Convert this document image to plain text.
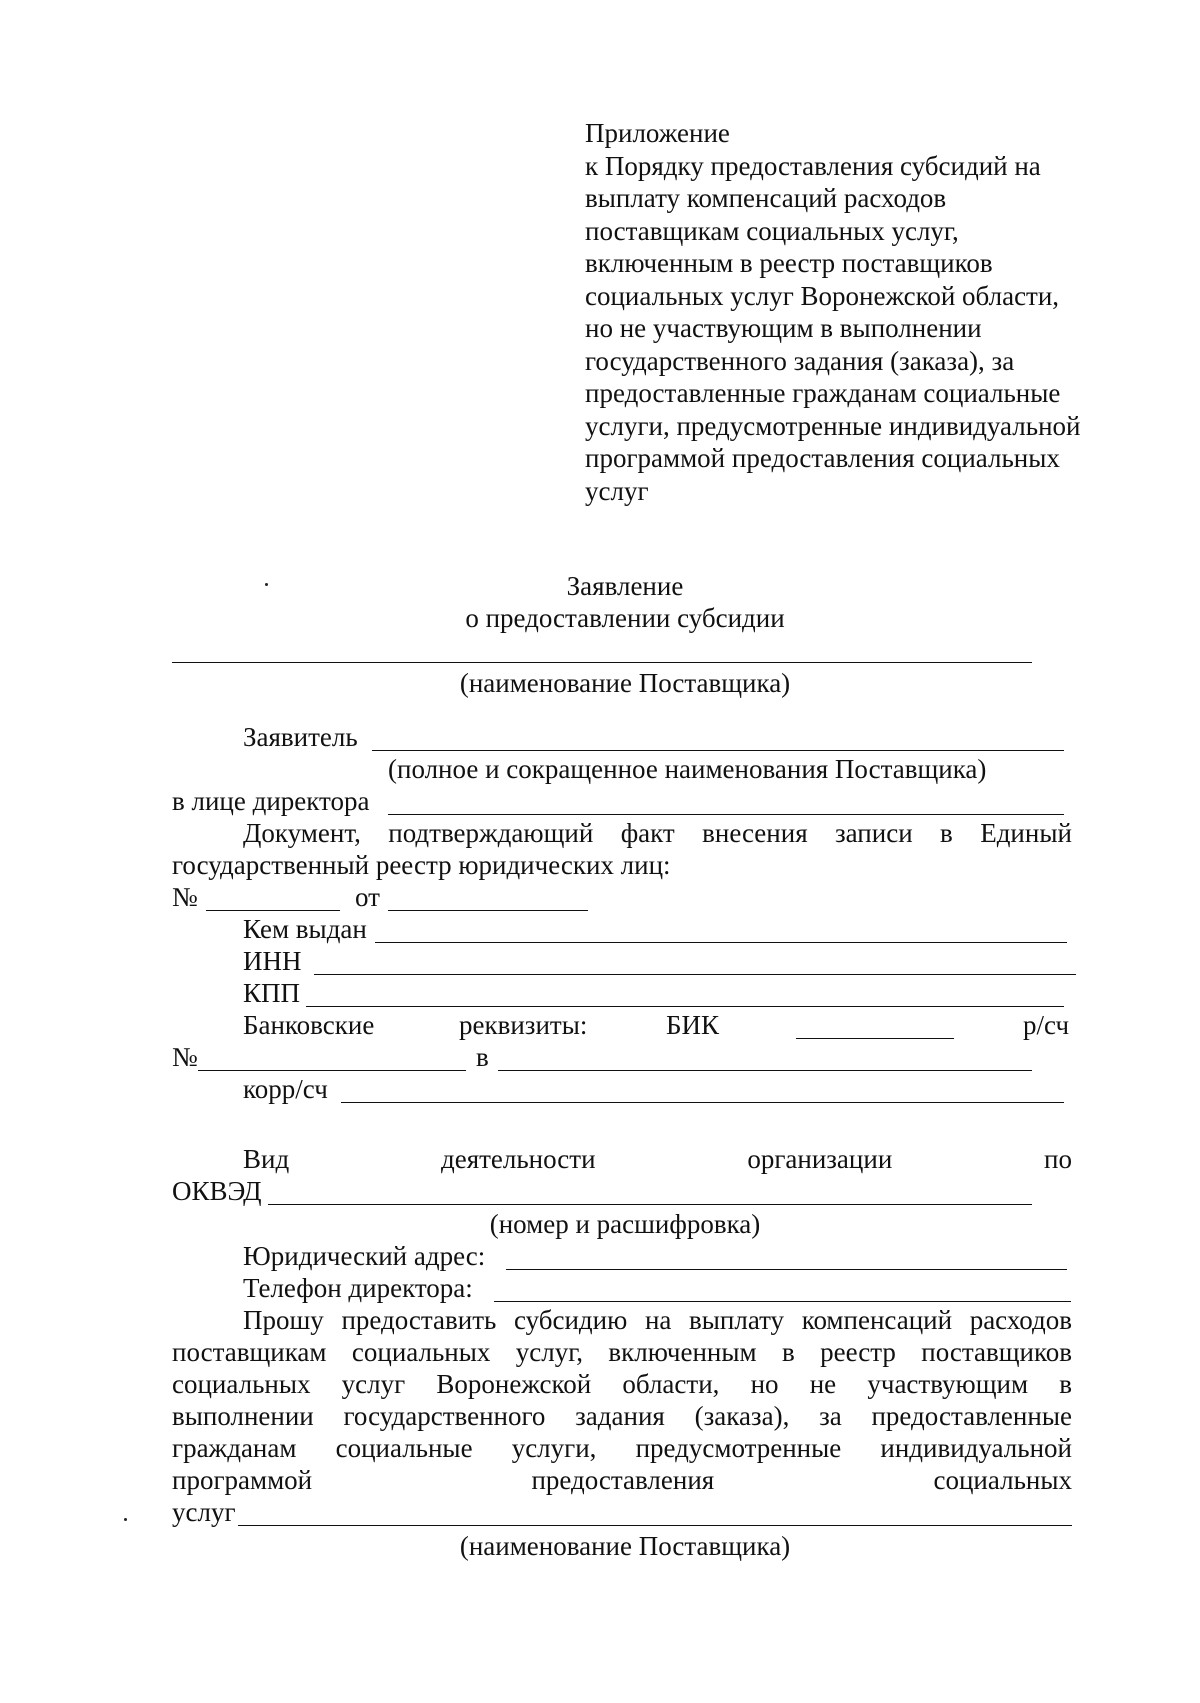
Приложение
к Порядку предоставления субсидий на
выплату компенсаций расходов
поставщикам социальных услуг,
включенным в реестр поставщиков
социальных услуг Воронежской области,
но не участвующим в выполнении
государственного задания (заказа), за
предоставленные гражданам социальные
услуги, предусмотренные индивидуальной
программой предоставления социальных
услуг
Заявление
о предоставлении субсидии
(наименование Поставщика)
Заявитель
(полное и сокращенное наименования Поставщика)
в лице директора
Документ, подтверждающий факт внесения записи в Единый
государственный реестр юридических лиц:
№	от
Кем выдан
ИНН
КПП
Банковские	реквизиты:	БИК	р/сч
№	в
корр/сч
Вид	деятельности	организации	по
ОКВЭД
(номер и расшифровка)
Юридический адрес:
Телефон директора:
Прошу предоставить субсидию на выплату компенсаций расходов
поставщикам социальных услуг, включенным в реестр поставщиков
социальных услуг Воронежской области, но не участвующим в
выполнении государственного задания (заказа), за предоставленные
гражданам социальные услуги, предусмотренные индивидуальной
программой	предоставления	социальных
услуг
(наименование Поставщика)
